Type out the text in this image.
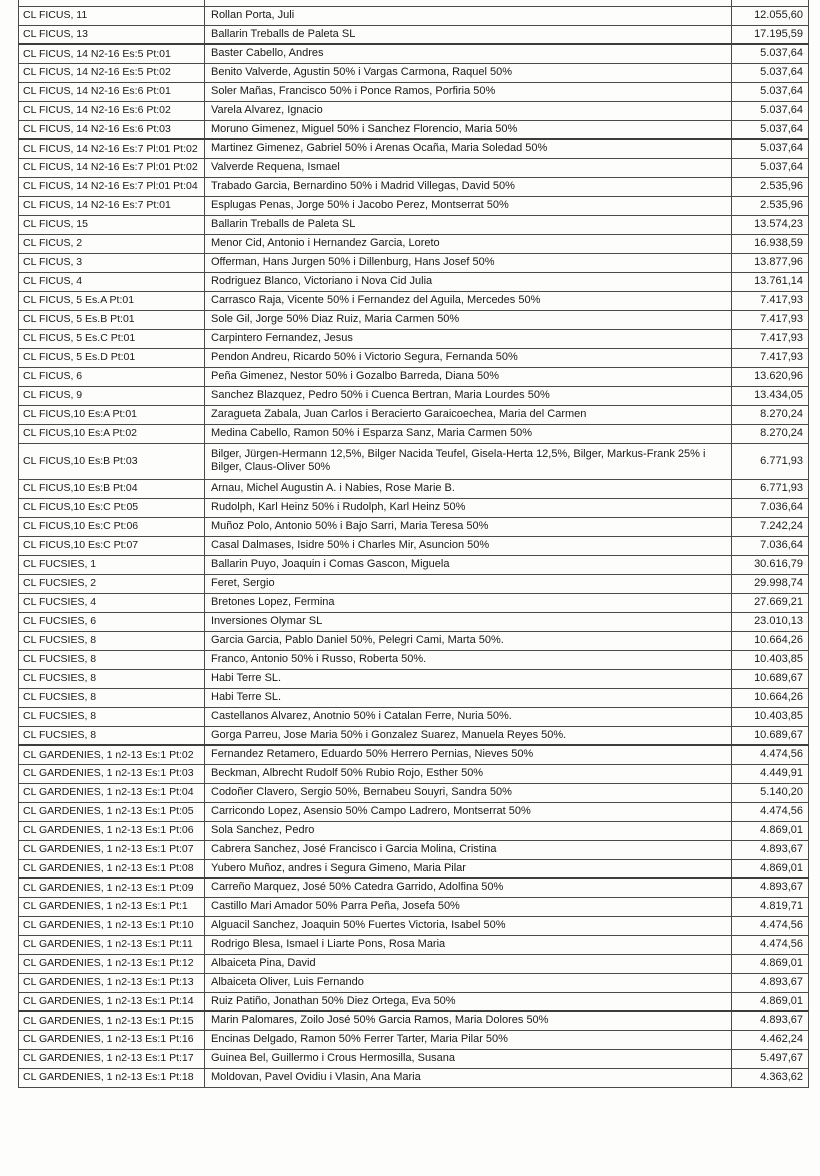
CL FICUS, 11	Rollan Porta, Juli	12.055,60
CL FICUS, 13	Ballarin Treballs de Paleta SL	17.195,59
CL FICUS, 14 N2-16 Es:5 Pt:01	Baster Cabello, Andres	5.037,64
CL FICUS, 14 N2-16 Es:5 Pt:02	Benito Valverde, Agustin 50% i Vargas Carmona, Raquel 50%	5.037,64
CL FICUS, 14 N2-16 Es:6 Pt:01	Soler Mañas, Francisco 50% i Ponce Ramos, Porfiria 50%	5.037,64
CL FICUS, 14 N2-16 Es:6 Pt:02	Varela Alvarez, Ignacio	5.037,64
CL FICUS, 14 N2-16 Es:6 Pt:03	Moruno Gimenez, Miguel 50% i Sanchez Florencio, Maria 50%	5.037,64
CL FICUS, 14 N2-16 Es:7 Pl:01 Pt:02	Martinez Gimenez, Gabriel 50% i Arenas Ocaña, Maria Soledad 50%	5.037,64
CL FICUS, 14 N2-16 Es:7 Pl:01 Pt:02	Valverde Requena, Ismael	5.037,64
CL FICUS, 14 N2-16 Es:7 Pl:01 Pt:04	Trabado Garcia, Bernardino 50% i Madrid Villegas, David 50%	2.535,96
CL FICUS, 14 N2-16 Es:7 Pt:01	Esplugas Penas, Jorge 50% i Jacobo Perez, Montserrat 50%	2.535,96
CL FICUS, 15	Ballarin Treballs de Paleta SL	13.574,23
CL FICUS, 2	Menor Cid, Antonio i Hernandez Garcia, Loreto	16.938,59
CL FICUS, 3	Offerman, Hans Jurgen 50% i Dillenburg, Hans Josef 50%	13.877,96
CL FICUS, 4	Rodriguez Blanco, Victoriano i Nova Cid Julia	13.761,14
CL FICUS, 5 Es.A Pt:01	Carrasco Raja, Vicente 50% i Fernandez del Aguila, Mercedes 50%	7.417,93
CL FICUS, 5 Es.B Pt:01	Sole Gil, Jorge 50% Diaz Ruiz, Maria Carmen 50%	7.417,93
CL FICUS, 5 Es.C Pt:01	Carpintero Fernandez, Jesus	7.417,93
CL FICUS, 5 Es.D Pt:01	Pendon Andreu, Ricardo 50% i Victorio Segura, Fernanda 50%	7.417,93
CL FICUS, 6	Peña Gimenez, Nestor 50% i Gozalbo Barreda, Diana 50%	13.620,96
CL FICUS, 9	Sanchez Blazquez, Pedro 50% i Cuenca Bertran, Maria Lourdes 50%	13.434,05
CL FICUS,10 Es:A Pt:01	Zaragueta Zabala, Juan Carlos i Beracierto Garaicoechea, Maria del Carmen	8.270,24
CL FICUS,10 Es:A Pt:02	Medina Cabello, Ramon 50% i Esparza Sanz, Maria Carmen 50%	8.270,24
CL FICUS,10 Es:B Pt:03	Bilger, Jürgen-Hermann 12,5%, Bilger Nacida Teufel, Gisela-Herta 12,5%, Bilger, Markus-Frank 25% i Bilger, Claus-Oliver 50%	6.771,93
CL FICUS,10 Es:B Pt:04	Arnau, Michel Augustin A. i Nabies, Rose Marie B.	6.771,93
CL FICUS,10 Es:C Pt:05	Rudolph, Karl Heinz 50% i Rudolph, Karl Heinz 50%	7.036,64
CL FICUS,10 Es:C Pt:06	Muñoz Polo, Antonio 50% i Bajo Sarri, Maria Teresa 50%	7.242,24
CL FICUS,10 Es:C Pt:07	Casal Dalmases, Isidre 50% i Charles Mir, Asuncion 50%	7.036,64
CL FUCSIES, 1	Ballarin Puyo, Joaquin i Comas Gascon, Miguela	30.616,79
CL FUCSIES, 2	Feret, Sergio	29.998,74
CL FUCSIES, 4	Bretones Lopez, Fermina	27.669,21
CL FUCSIES, 6	Inversiones Olymar SL	23.010,13
CL FUCSIES, 8	Garcia Garcia, Pablo Daniel 50%, Pelegri Cami, Marta 50%.	10.664,26
CL FUCSIES, 8	Franco, Antonio 50% i Russo, Roberta 50%.	10.403,85
CL FUCSIES, 8	Habi Terre SL.	10.689,67
CL FUCSIES, 8	Habi Terre SL.	10.664,26
CL FUCSIES, 8	Castellanos Alvarez, Anotnio 50% i Catalan Ferre, Nuria 50%.	10.403,85
CL FUCSIES, 8	Gorga Parreu, Jose Maria 50% i Gonzalez Suarez, Manuela Reyes 50%.	10.689,67
CL GARDENIES, 1 n2-13 Es:1 Pt:02	Fernandez Retamero, Eduardo 50% Herrero Pernias, Nieves 50%	4.474,56
CL GARDENIES, 1 n2-13 Es:1 Pt:03	Beckman, Albrecht Rudolf 50% Rubio Rojo, Esther 50%	4.449,91
CL GARDENIES, 1 n2-13 Es:1 Pt:04	Codoñer Clavero, Sergio 50%, Bernabeu Souyri, Sandra 50%	5.140,20
CL GARDENIES, 1 n2-13 Es:1 Pt:05	Carricondo Lopez, Asensio 50% Campo Ladrero, Montserrat 50%	4.474,56
CL GARDENIES, 1 n2-13 Es:1 Pt:06	Sola Sanchez, Pedro	4.869,01
CL GARDENIES, 1 n2-13 Es:1 Pt:07	Cabrera Sanchez, José Francisco i Garcia Molina, Cristina	4.893,67
CL GARDENIES, 1 n2-13 Es:1 Pt:08	Yubero Muñoz, andres i Segura Gimeno, Maria Pilar	4.869,01
CL GARDENIES, 1 n2-13 Es:1 Pt:09	Carreño Marquez, José 50% Catedra Garrido, Adolfina 50%	4.893,67
CL GARDENIES, 1 n2-13 Es:1 Pt:1	Castillo Mari Amador 50% Parra Peña, Josefa 50%	4.819,71
CL GARDENIES, 1 n2-13 Es:1 Pt:10	Alguacil Sanchez, Joaquin 50% Fuertes Victoria, Isabel 50%	4.474,56
CL GARDENIES, 1 n2-13 Es:1 Pt:11	Rodrigo Blesa, Ismael i Liarte Pons, Rosa Maria	4.474,56
CL GARDENIES, 1 n2-13 Es:1 Pt:12	Albaiceta Pina, David	4.869,01
CL GARDENIES, 1 n2-13 Es:1 Pt:13	Albaiceta Oliver, Luis Fernando	4.893,67
CL GARDENIES, 1 n2-13 Es:1 Pt:14	Ruiz Patiño, Jonathan 50% Diez Ortega, Eva 50%	4.869,01
CL GARDENIES, 1 n2-13 Es:1 Pt:15	Marin Palomares, Zoilo José 50% Garcia Ramos, Maria Dolores 50%	4.893,67
CL GARDENIES, 1 n2-13 Es:1 Pt:16	Encinas Delgado, Ramon 50% Ferrer Tarter, Maria Pilar 50%	4.462,24
CL GARDENIES, 1 n2-13 Es:1 Pt:17	Guinea Bel, Guillermo i Crous Hermosilla, Susana	5.497,67
CL GARDENIES, 1 n2-13 Es:1 Pt:18	Moldovan, Pavel Ovidiu i Vlasin, Ana Maria	4.363,62
